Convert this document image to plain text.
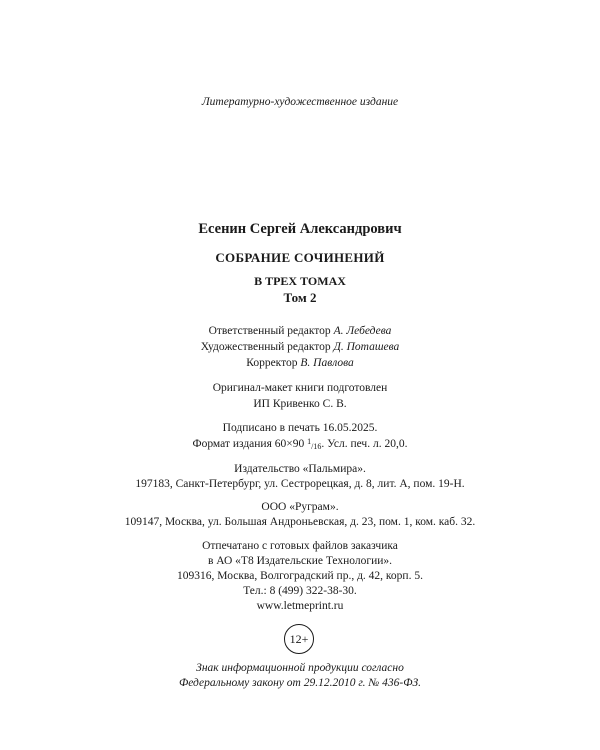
Литературно-художественное издание
Есенин Сергей Александрович
СОБРАНИЕ СОЧИНЕНИЙ
В ТРЕХ ТОМАХ
Том 2
Ответственный редактор А. Лебедева
Художественный редактор Д. Поташева
Корректор В. Павлова
Оригинал-макет книги подготовлен
ИП Кривенко С. В.
Подписано в печать 16.05.2025.
Формат издания 60×90 $^1$/16. Усл. печ. л. 20,0.
Издательство «Пальмира».
197183, Санкт-Петербург, ул. Сестрорецкая, д. 8, лит. А, пом. 19-Н.
ООО «Руграм».
109147, Москва, ул. Большая Андроньевская, д. 23, пом. 1, ком. каб. 32.
Отпечатано с готовых файлов заказчика
в АО «Т8 Издательские Технологии».
109316, Москва, Волгоградский пр., д. 42, корп. 5.
Тел.: 8 (499) 322-38-30.
www.letmeprint.ru
12+
Знак информационной продукции согласно
Федеральному закону от 29.12.2010 г. № 436-ФЗ.
